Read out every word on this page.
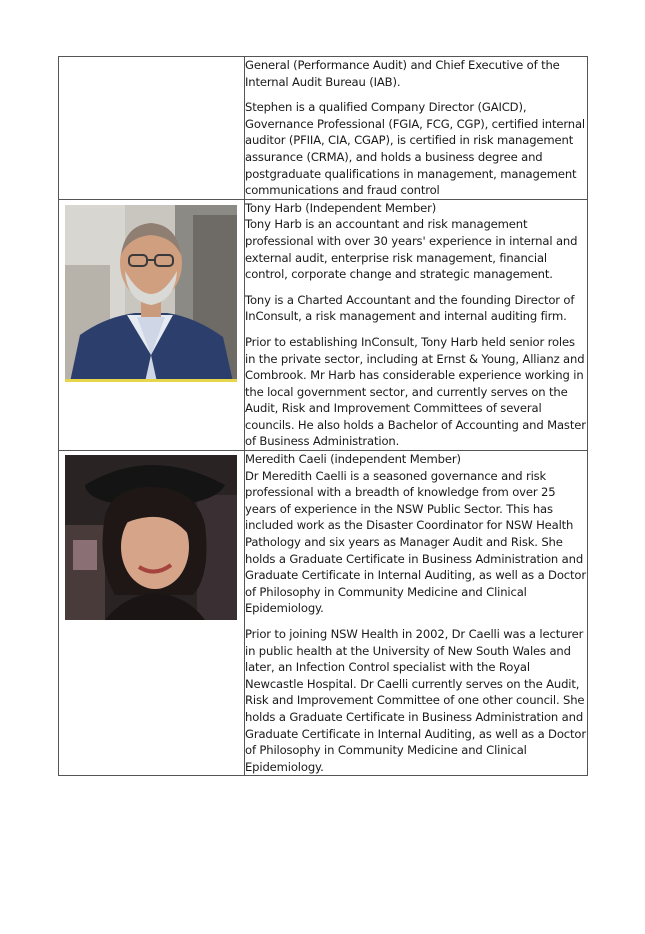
	General (Performance Audit) and Chief Executive of the Internal Audit Bureau (IAB).

Stephen is a qualified Company Director (GAICD), Governance Professional (FGIA, FCG, CGP), certified internal auditor (PFIIA, CIA, CGAP), is certified in risk management assurance (CRMA), and holds a business degree and postgraduate qualifications in management, management communications and fraud control

Tony Harb (Independent Member)

Tony Harb is an accountant and risk management professional with over 30 years' experience in internal and external audit, enterprise risk management, financial control, corporate change and strategic management.

Tony is a Charted Accountant and the founding Director of InConsult, a risk management and internal auditing firm.

Prior to establishing InConsult, Tony Harb held senior roles in the private sector, including at Ernst & Young, Allianz and Combrook. Mr Harb has considerable experience working in the local government sector, and currently serves on the Audit, Risk and Improvement Committees of several councils. He also holds a Bachelor of Accounting and Master of Business Administration.

Meredith Caeli (independent Member)

Dr Meredith Caelli is a seasoned governance and risk professional with a breadth of knowledge from over 25 years of experience in the NSW Public Sector. This has included work as the Disaster Coordinator for NSW Health Pathology and six years as Manager Audit and Risk. She holds a Graduate Certificate in Business Administration and Graduate Certificate in Internal Auditing, as well as a Doctor of Philosophy in Community Medicine and Clinical Epidemiology.

Prior to joining NSW Health in 2002, Dr Caelli was a lecturer in public health at the University of New South Wales and later, an Infection Control specialist with the Royal Newcastle Hospital. Dr Caelli currently serves on the Audit, Risk and Improvement Committee of one other council. She holds a Graduate Certificate in Business Administration and Graduate Certificate in Internal Auditing, as well as a Doctor of Philosophy in Community Medicine and Clinical Epidemiology.
